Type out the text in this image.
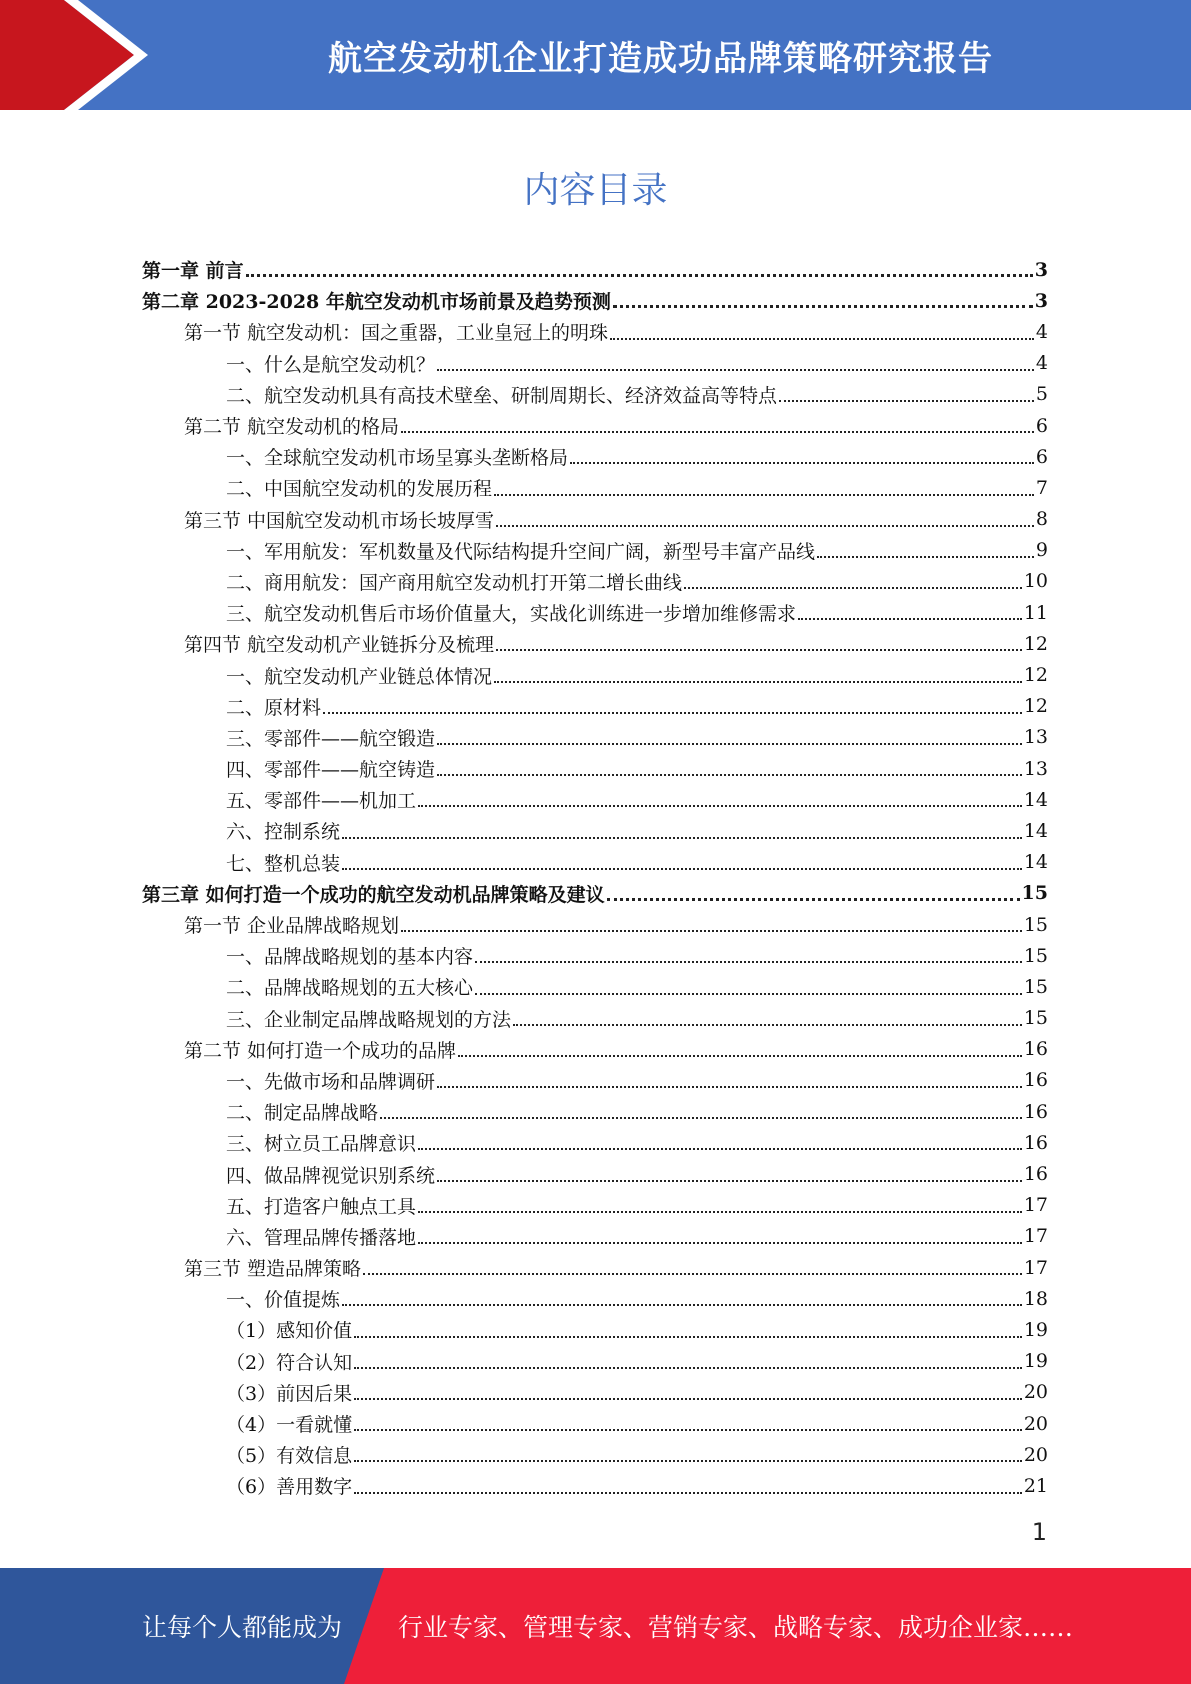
航空发动机企业打造成功品牌策略研究报告
内容目录
第一章 前言	3
第二章 2023-2028 年航空发动机市场前景及趋势预测	3
第一节 航空发动机：国之重器，工业皇冠上的明珠	4
一、什么是航空发动机？	4
二、航空发动机具有高技术壁垒、研制周期长、经济效益高等特点	5
第二节 航空发动机的格局	6
一、全球航空发动机市场呈寡头垄断格局	6
二、中国航空发动机的发展历程	7
第三节 中国航空发动机市场长坡厚雪	8
一、军用航发：军机数量及代际结构提升空间广阔，新型号丰富产品线	9
二、商用航发：国产商用航空发动机打开第二增长曲线	10
三、航空发动机售后市场价值量大，实战化训练进一步增加维修需求	11
第四节 航空发动机产业链拆分及梳理	12
一、航空发动机产业链总体情况	12
二、原材料	12
三、零部件——航空锻造	13
四、零部件——航空铸造	13
五、零部件——机加工	14
六、控制系统	14
七、整机总装	14
第三章 如何打造一个成功的航空发动机品牌策略及建议	15
第一节 企业品牌战略规划	15
一、品牌战略规划的基本内容	15
二、品牌战略规划的五大核心	15
三、企业制定品牌战略规划的方法	15
第二节 如何打造一个成功的品牌	16
一、先做市场和品牌调研	16
二、制定品牌战略	16
三、树立员工品牌意识	16
四、做品牌视觉识别系统	16
五、打造客户触点工具	17
六、管理品牌传播落地	17
第三节 塑造品牌策略	17
一、价值提炼	18
（1）感知价值	19
（2）符合认知	19
（3）前因后果	20
（4）一看就懂	20
（5）有效信息	20
（6）善用数字	21
1
让每个人都能成为 行业专家、管理专家、营销专家、战略专家、成功企业家……
